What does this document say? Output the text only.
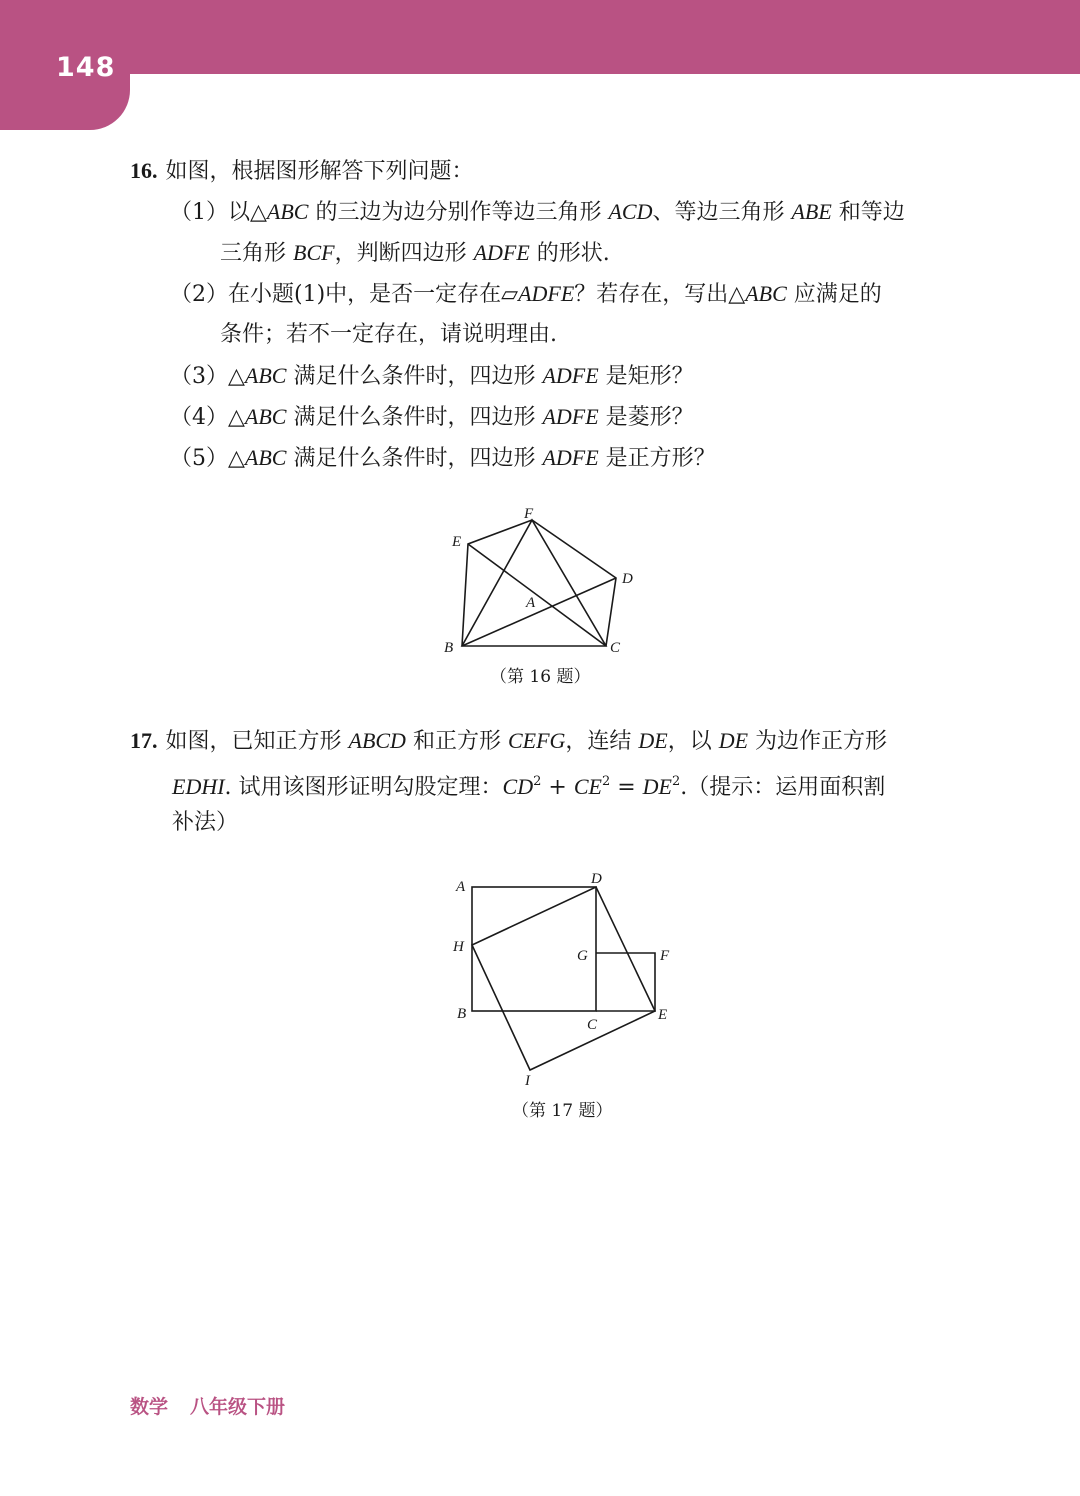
148
16. 如图，根据图形解答下列问题：
（1）以△ABC 的三边为边分别作等边三角形 ACD、等边三角形 ABE 和等边
三角形 BCF，判断四边形 ADFE 的形状.
（2）在小题(1)中，是否一定存在▱ADFE？若存在，写出△ABC 应满足的
条件；若不一定存在，请说明理由.
（3）△ABC 满足什么条件时，四边形 ADFE 是矩形？
（4）△ABC 满足什么条件时，四边形 ADFE 是菱形？
（5）△ABC 满足什么条件时，四边形 ADFE 是正方形？
F
E
D
A
B	C
（第 16 题）
17. 如图，已知正方形 ABCD 和正方形 CEFG，连结 DE，以 DE 为边作正方形
EDHI. 试用该图形证明勾股定理：$CD^2 + CE^2 = DE^2$.（提示：运用面积割
补法）
A	D
H
G	F
B
C
E
I
（第 17 题）
数学 八年级下册
